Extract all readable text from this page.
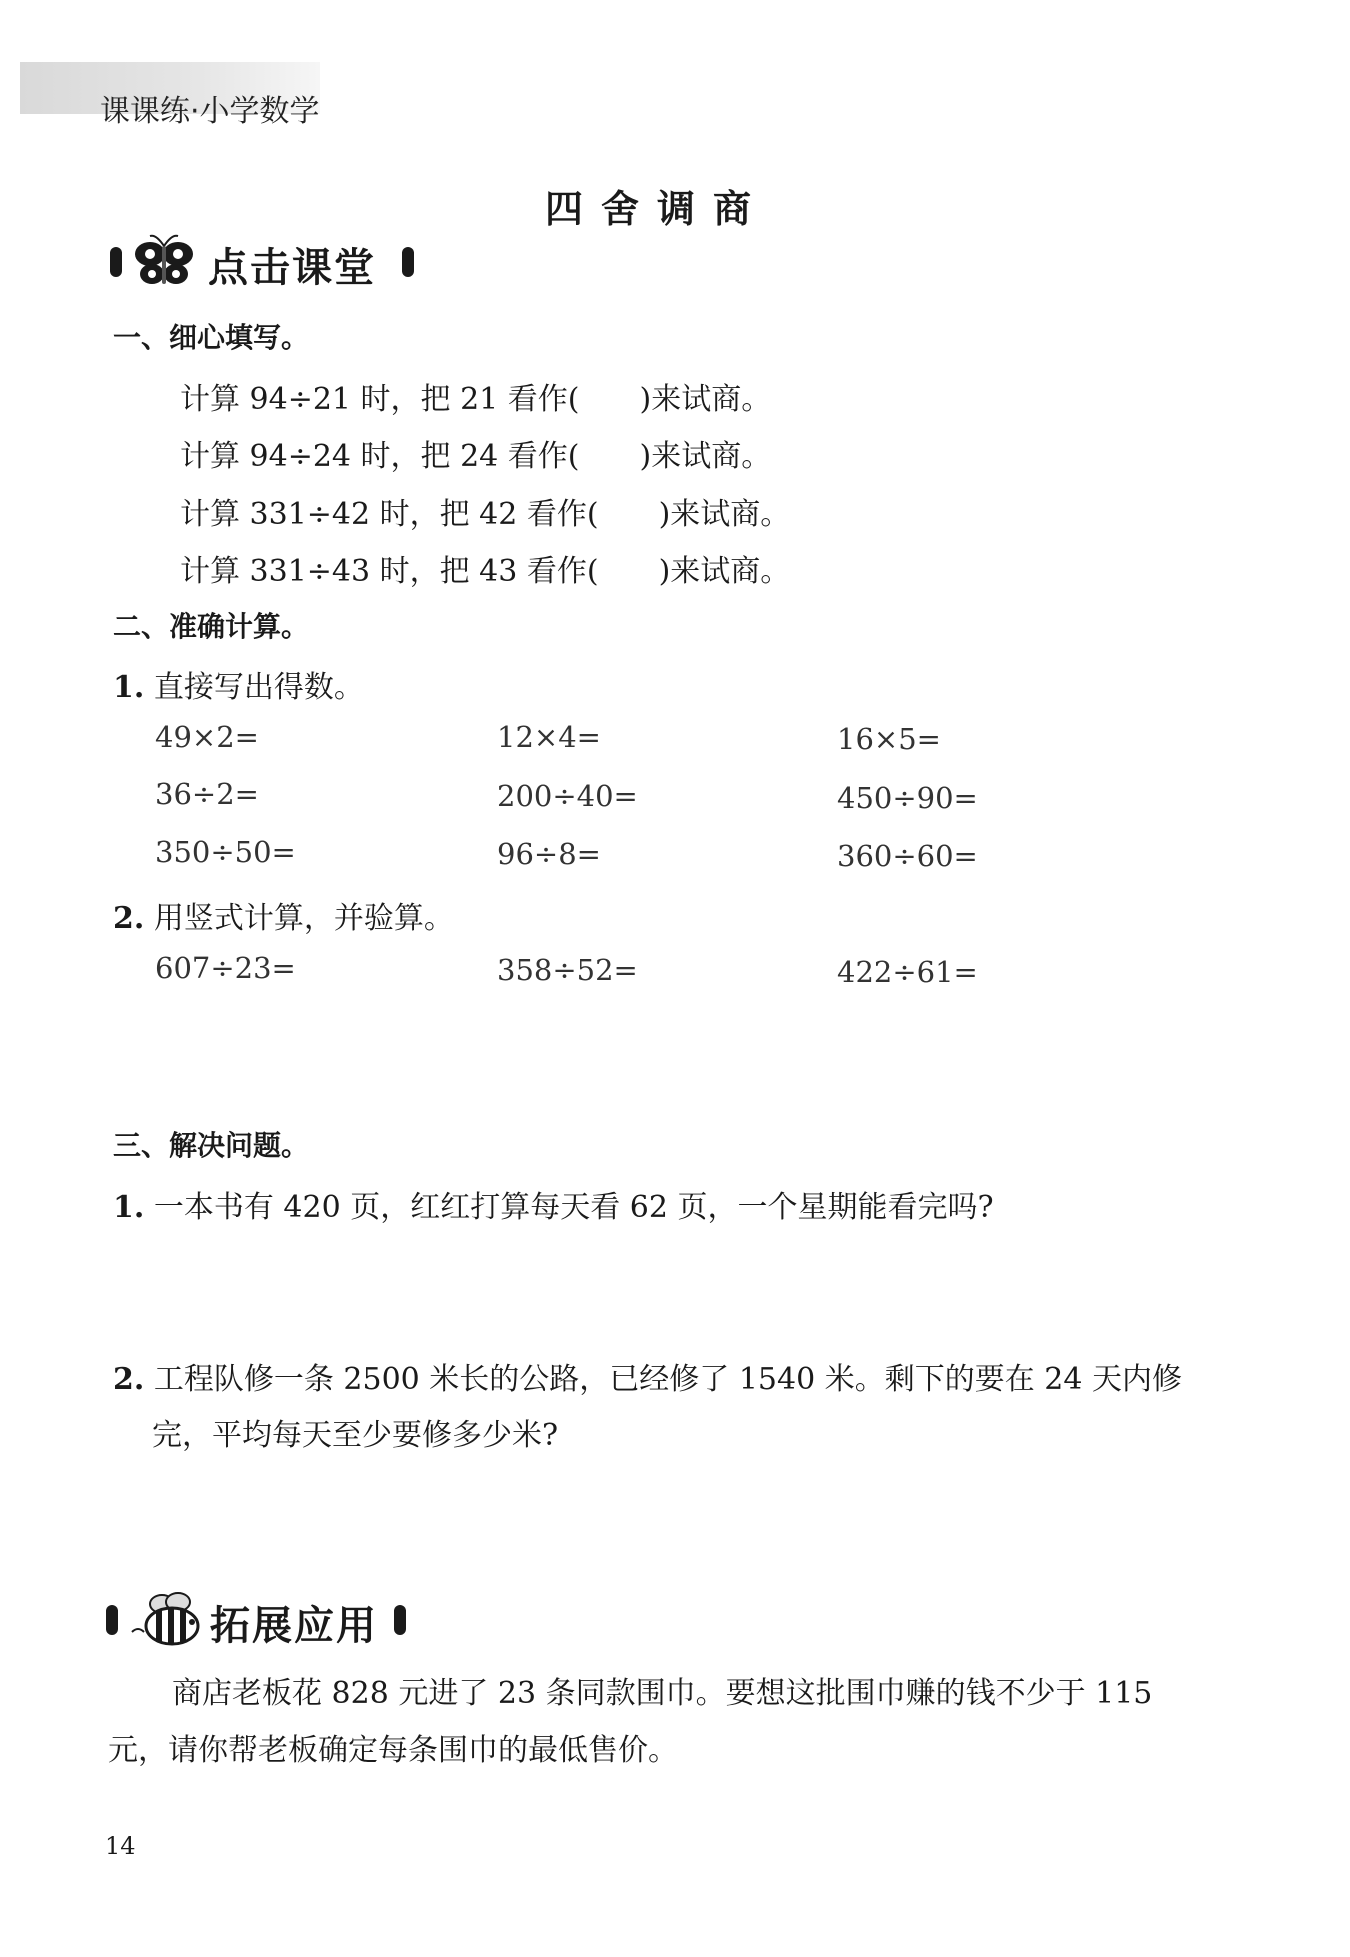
课课练·小学数学
四舍调商
点击课堂
一、细心填写。
计算 94÷21 时，把 21 看作(　　)来试商。
计算 94÷24 时，把 24 看作(　　)来试商。
计算 331÷42 时，把 42 看作(　　)来试商。
计算 331÷43 时，把 43 看作(　　)来试商。
二、准确计算。
1. 直接写出得数。
49×2=	12×4=	16×5=
36÷2=	200÷40=	450÷90=
350÷50=	96÷8=	360÷60=
2. 用竖式计算，并验算。
607÷23=	358÷52=	422÷61=
三、解决问题。
1. 一本书有 420 页，红红打算每天看 62 页，一个星期能看完吗?
2. 工程队修一条 2500 米长的公路，已经修了 1540 米。剩下的要在 24 天内修
完，平均每天至少要修多少米?
拓展应用
商店老板花 828 元进了 23 条同款围巾。要想这批围巾赚的钱不少于 115
元，请你帮老板确定每条围巾的最低售价。
14
